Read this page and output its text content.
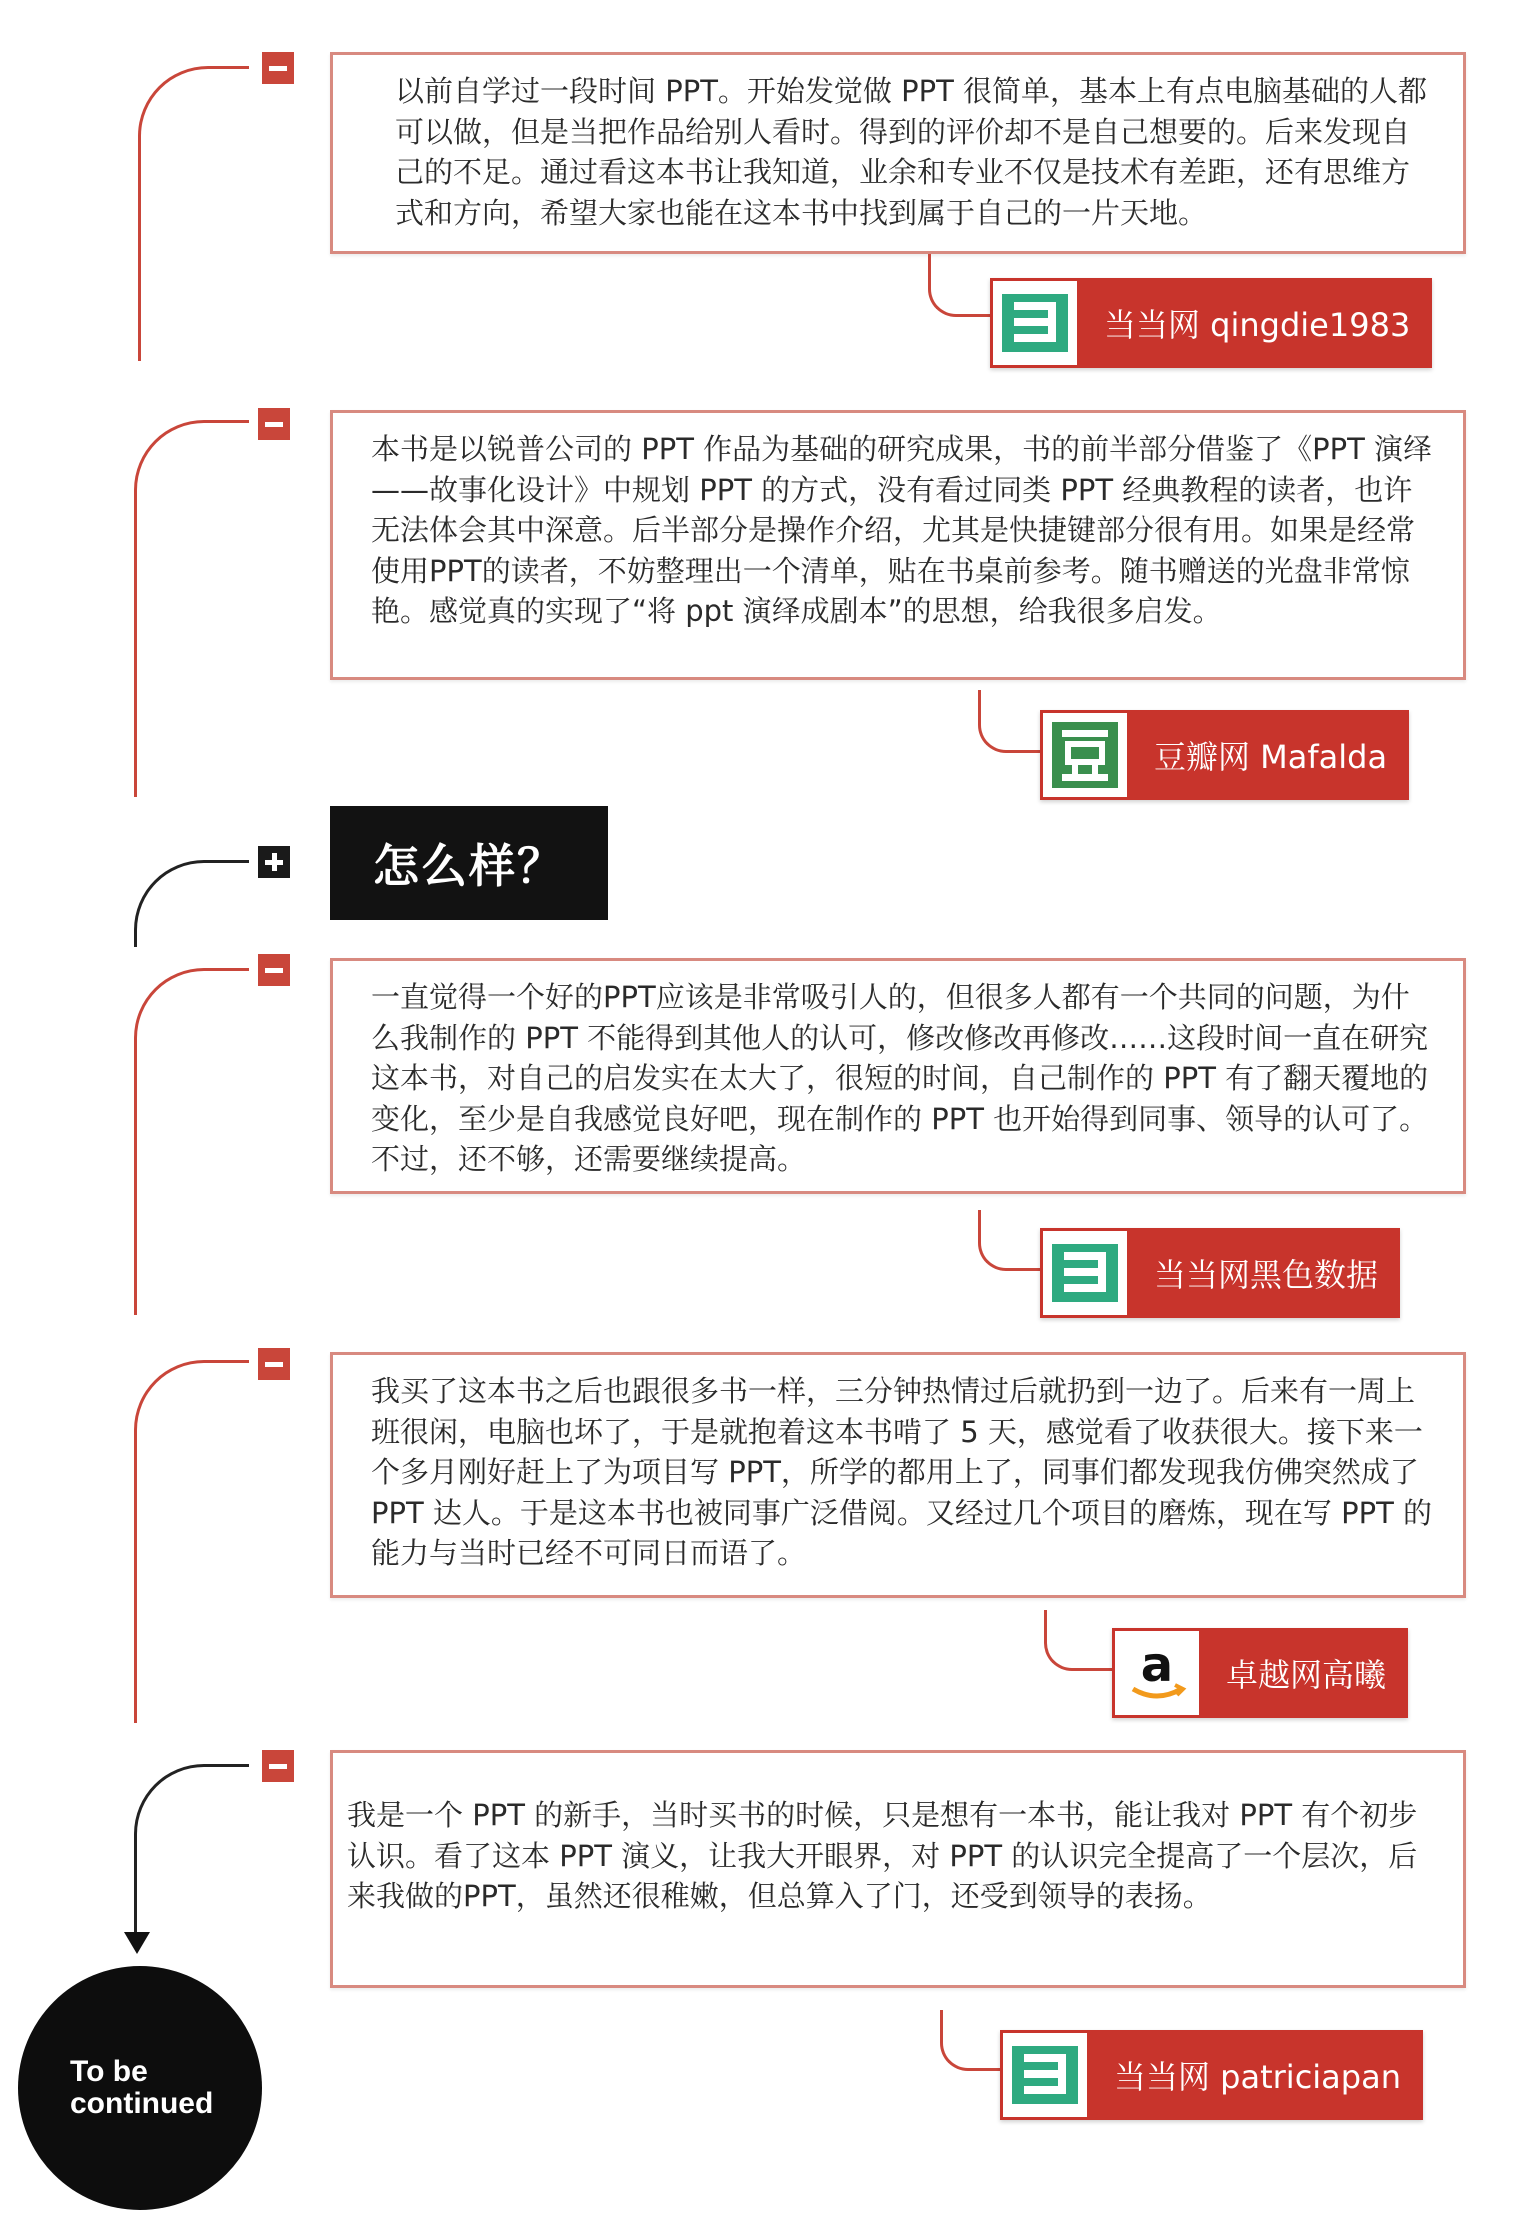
以前自学过一段时间 PPT。开始发觉做 PPT 很简单，基本上有点电脑基础的人都可以做，但是当把作品给别人看时。得到的评价却不是自己想要的。后来发现自己的不足。通过看这本书让我知道，业余和专业不仅是技术有差距，还有思维方式和方向，希望大家也能在这本书中找到属于自己的一片天地。

当当网 qingdie1983

本书是以锐普公司的 PPT 作品为基础的研究成果，书的前半部分借鉴了《PPT 演绎——故事化设计》中规划 PPT 的方式，没有看过同类 PPT 经典教程的读者，也许无法体会其中深意。后半部分是操作介绍，尤其是快捷键部分很有用。如果是经常使用PPT的读者，不妨整理出一个清单，贴在书桌前参考。随书赠送的光盘非常惊艳。感觉真的实现了“将 ppt 演绎成剧本”的思想，给我很多启发。

豆瓣网 Mafalda
怎么样？

一直觉得一个好的PPT应该是非常吸引人的，但很多人都有一个共同的问题，为什么我制作的 PPT 不能得到其他人的认可，修改修改再修改……这段时间一直在研究这本书，对自己的启发实在太大了，很短的时间，自己制作的 PPT 有了翻天覆地的变化，至少是自我感觉良好吧，现在制作的 PPT 也开始得到同事、领导的认可了。不过，还不够，还需要继续提高。

当当网黑色数据

我买了这本书之后也跟很多书一样，三分钟热情过后就扔到一边了。后来有一周上班很闲，电脑也坏了，于是就抱着这本书啃了 5 天，感觉看了收获很大。接下来一个多月刚好赶上了为项目写 PPT，所学的都用上了，同事们都发现我仿佛突然成了 PPT 达人。于是这本书也被同事广泛借阅。又经过几个项目的磨炼，现在写 PPT 的能力与当时已经不可同日而语了。

a	卓越网高曦

我是一个 PPT 的新手，当时买书的时候，只是想有一本书，能让我对 PPT 有个初步认识。看了这本 PPT 演义，让我大开眼界，对 PPT 的认识完全提高了一个层次，后来我做的PPT，虽然还很稚嫩，但总算入了门，还受到领导的表扬。

当当网 patriciapan
To be continued
